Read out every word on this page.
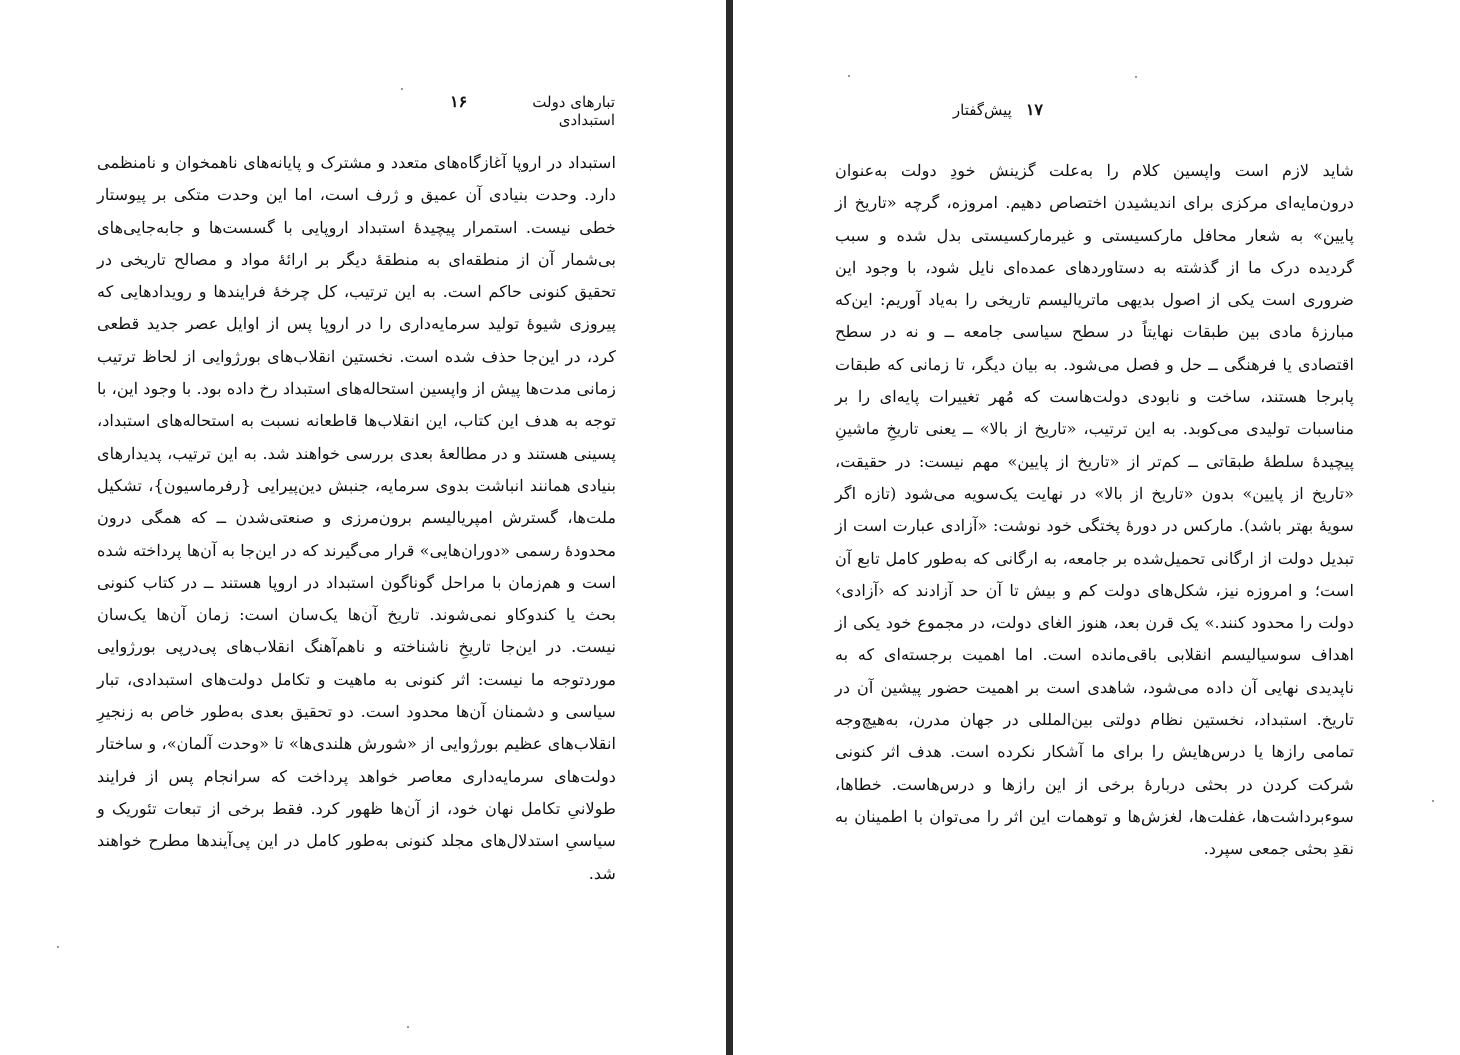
۱۶	تبارهای دولت استبدادی

استبداد در اروپا آغازگاه‌های متعدد و مشترک و پایانه‌های ناهمخوان و نامنظمی دارد. وحدت بنیادی آن عمیق و ژرف است، اما این وحدت متکی بر پیوستار خطی نیست. استمرار پیچیدهٔ استبداد اروپایی با گسست‌ها و جابه‌جایی‌های بی‌شمار آن از منطقه‌ای به منطقهٔ دیگر بر ارائهٔ مواد و مصالح تاریخی در تحقیق کنونی حاکم است. به این ترتیب، کل چرخهٔ فرایندها و رویدادهایی که پیروزی شیوهٔ تولید سرمایه‌داری را در اروپا پس از اوایل عصر جدید قطعی کرد، در این‌جا حذف شده است. نخستین انقلاب‌های بورژوایی از لحاظ ترتیب زمانی مدت‌ها پیش از واپسین استحاله‌های استبداد رخ داده بود. با وجود این، با توجه به هدف این کتاب، این انقلاب‌ها قاطعانه نسبت به استحاله‌های استبداد، پسینی هستند و در مطالعهٔ بعدی بررسی خواهند شد. به این ترتیب، پدیدارهای بنیادی همانند انباشت بدوی سرمایه، جنبش دین‌پیرایی {رفرماسیون}، تشکیل ملت‌ها، گسترش امپریالیسم برون‌مرزی و صنعتی‌شدن ــ که همگی درون محدودهٔ رسمی «دوران‌هایی» قرار می‌گیرند که در این‌جا به آن‌ها پرداخته شده است و هم‌زمان با مراحل گوناگون استبداد در اروپا هستند ــ در کتاب کنونی بحث یا کندوکاو نمی‌شوند. تاریخ آن‌ها یک‌سان است: زمان آن‌ها یک‌سان نیست. در این‌جا تاریخِ ناشناخته و ناهم‌آهنگ انقلاب‌های پی‌درپی بورژوایی موردتوجه ما نیست: اثر کنونی به ماهیت و تکامل دولت‌های استبدادی، تبار سیاسی و دشمنان آن‌ها محدود است. دو تحقیق بعدی به‌طور خاص به زنجیرِ انقلاب‌های عظیم بورژوایی از «شورش هلندی‌ها» تا «وحدت آلمان»، و ساختار دولت‌های سرمایه‌داری معاصر خواهد پرداخت که سرانجام پس از فرایند طولانیِ تکامل نهان خود، از آن‌ها ظهور کرد. فقط برخی از تبعات تئوریک و سیاسیِ استدلال‌های مجلد کنونی به‌طور کامل در این پی‌آیندها مطرح خواهند شد.

پیش‌گفتار ۱۷

شاید لازم است واپسین کلام را به‌علت گزینش خودِ دولت به‌عنوان درون‌مایه‌ای مرکزی برای اندیشیدن اختصاص دهیم. امروزه، گرچه «تاریخ از پایین» به شعار محافل مارکسیستی و غیرمارکسیستی بدل شده و سبب گردیده درک ما از گذشته به دستاوردهای عمده‌ای نایل شود، با وجود این ضروری است یکی از اصول بدیهی ماتریالیسم تاریخی را به‌یاد آوریم: این‌که مبارزهٔ مادی بین طبقات نهایتاً در سطح سیاسی جامعه ــ و نه در سطح اقتصادی یا فرهنگی ــ حل و فصل می‌شود. به بیان دیگر، تا زمانی که طبقات پابرجا هستند، ساخت و نابودی دولت‌هاست که مُهر تغییرات پایه‌ای را بر مناسبات تولیدی می‌کوبد. به این ترتیب، «تاریخ از بالا» ــ یعنی تاریخِ ماشینِ پیچیدهٔ سلطهٔ طبقاتی ــ کم‌تر از «تاریخ از پایین» مهم نیست: در حقیقت، «تاریخ از پایین» بدون «تاریخ از بالا» در نهایت یک‌سویه می‌شود (تازه اگر سویهٔ بهتر باشد). مارکس در دورهٔ پختگی خود نوشت: «آزادی عبارت است از تبدیل دولت از ارگانی تحمیل‌شده بر جامعه، به ارگانی که به‌طور کامل تابع آن است؛ و امروزه نیز، شکل‌های دولت کم و بیش تا آن حد آزادند که ‹آزادی› دولت را محدود کنند.» یک قرن بعد، هنوز الغای دولت، در مجموع خود یکی از اهداف سوسیالیسم انقلابی باقی‌مانده است. اما اهمیت برجسته‌ای که به ناپدیدی نهایی آن داده می‌شود، شاهدی است بر اهمیت حضور پیشین آن در تاریخ. استبداد، نخستین نظام دولتی بین‌المللی در جهان مدرن، به‌هیچ‌وجه تمامی رازها یا درس‌هایش را برای ما آشکار نکرده است. هدف اثر کنونی شرکت کردن در بحثی دربارهٔ برخی از این رازها و درس‌هاست. خطاها، سوءبرداشت‌ها، غفلت‌ها، لغزش‌ها و توهمات این اثر را می‌توان با اطمینان به نقدِ بحثی جمعی سپرد.
